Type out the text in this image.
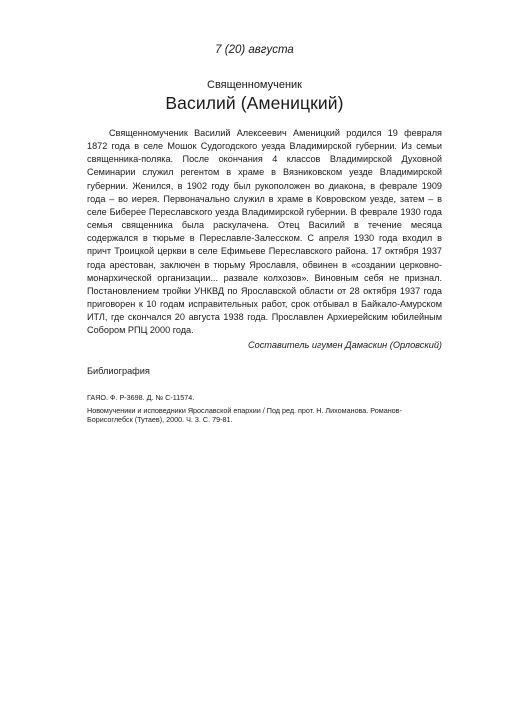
7 (20) августа
Священномученик
Василий (Аменицкий)

Священномученик Василий Алексеевич Аменицкий родился 19 февраля 1872 года в селе Мошок Судогодского уезда Владимирской губернии. Из семьи священника-поляка. После окончания 4 классов Владимирской Духовной Семинарии служил регентом в храме в Вязниковском уезде Владимирской губернии. Женился, в 1902 году был рукоположен во диакона, в феврале 1909 года – во иерея. Первоначально служил в храме в Ковровском уезде, затем – в селе Биберее Переславского уезда Владимирской губернии. В феврале 1930 года семья священника была раскулачена. Отец Василий в течение месяца содержался в тюрьме в Переславле-Залесском. С апреля 1930 года входил в причт Троицкой церкви в селе Ефимьеве Переславского района. 17 октября 1937 года арестован, заключен в тюрьму Ярославля, обвинен в «создании церковно-монархической организации... развале колхозов». Виновным себя не признал. Постановлением тройки УНКВД по Ярославской области от 28 октября 1937 года приговорен к 10 годам исправительных работ, срок отбывал в Байкало-Амурском ИТЛ, где скончался 20 августа 1938 года. Прославлен Архиерейским юбилейным Собором РПЦ 2000 года.

Составитель игумен Дамаскин (Орловский)
Библиография
ГАЯО. Ф. Р-3698. Д. № С-11574.
Новомученики и исповедники Ярославской епархии / Под ред. прот. Н. Лихоманова. Романов-Борисоглебск (Тутаев), 2000. Ч. 3. С. 79-81.
